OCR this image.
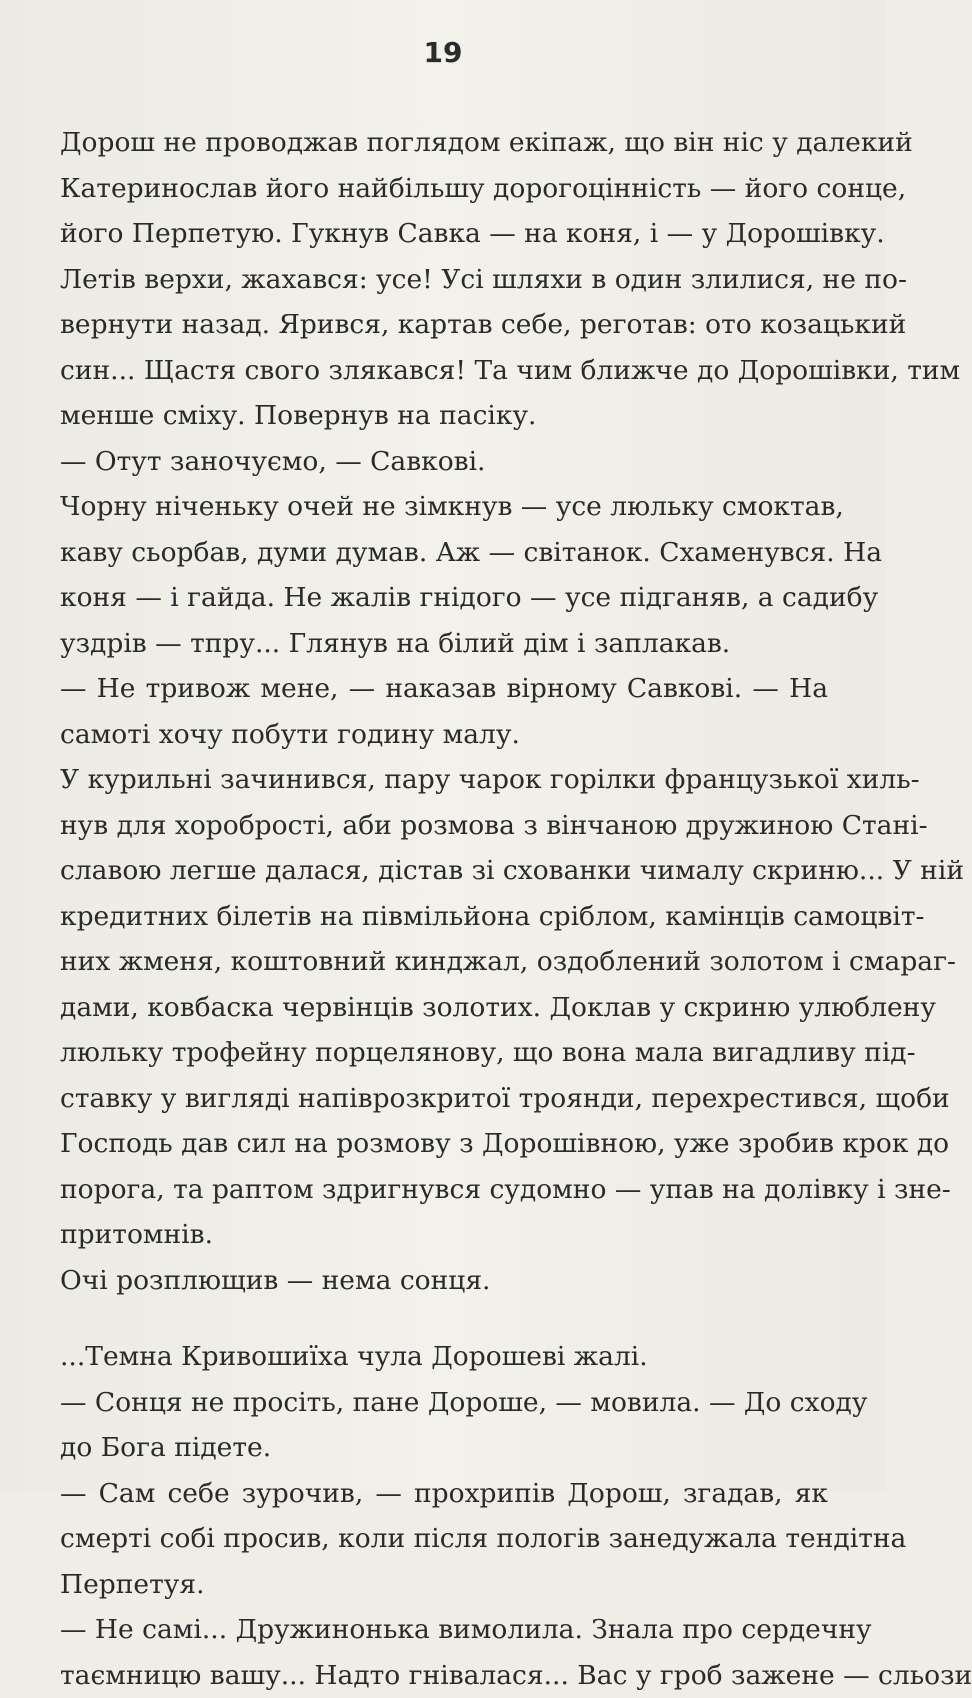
19
Дорош не проводжав поглядом екіпаж, що він ніс у далекий
Катеринослав його найбільшу дорогоцінність — його сонце,
його Перпетую. Гукнув Савка — на коня, і — у Дорошівку.
Летів верхи, жахався: усе! Усі шляхи в один злилися, не по-
вернути назад. Ярився, картав себе, реготав: ото козацький
син... Щастя свого злякався! Та чим ближче до Дорошівки, тим
менше сміху. Повернув на пасіку.
— Отут заночуємо, — Савкові.
Чорну нiченьку очей не зімкнув — усе люльку смоктав,
каву сьорбав, думи думав. Аж — світанок. Схаменувся. На
коня — і гайда. Не жалів гнідого — усе підганяв, а садибу
уздрів — тпру... Глянув на білий дім і заплакав.
— Не тривож мене, — наказав вірному Савкові. — На
самоті хочу побути годину малу.
У курильні зачинився, пару чарок горілки французької хиль-
нув для хоробрості, аби розмова з вінчаною дружиною Стані-
славою легше далася, дістав зі схованки чималу скриню... У ній
кредитних білетів на півмільйона сріблом, камінців самоцвіт-
них жменя, коштовний кинджал, оздоблений золотом і смараг-
дами, ковбаска червінців золотих. Доклав у скриню улюблену
люльку трофейну порцелянову, що вона мала вигадливу під-
ставку у вигляді напіврозкритої троянди, перехрестився, щоби
Господь дав сил на розмову з Дорошівною, уже зробив крок до
порога, та раптом здригнувся судомно — упав на долівку і зне-
притомнів.
Очі розплющив — нема сонця.
...Темна Кривошиїха чула Дорошеві жалі.
— Сонця не просіть, пане Дороше, — мовила. — До сходу
до Бога підете.
— Сам себе зурочив, — прохрипів Дорош, згадав, як
смерті собі просив, коли після пологів занедужала тендітна
Перпетуя.
— Не самі... Дружинонька вимолила. Знала про сердечну
таємницю вашу... Надто гнівалася... Вас у гроб зажене — сльози
